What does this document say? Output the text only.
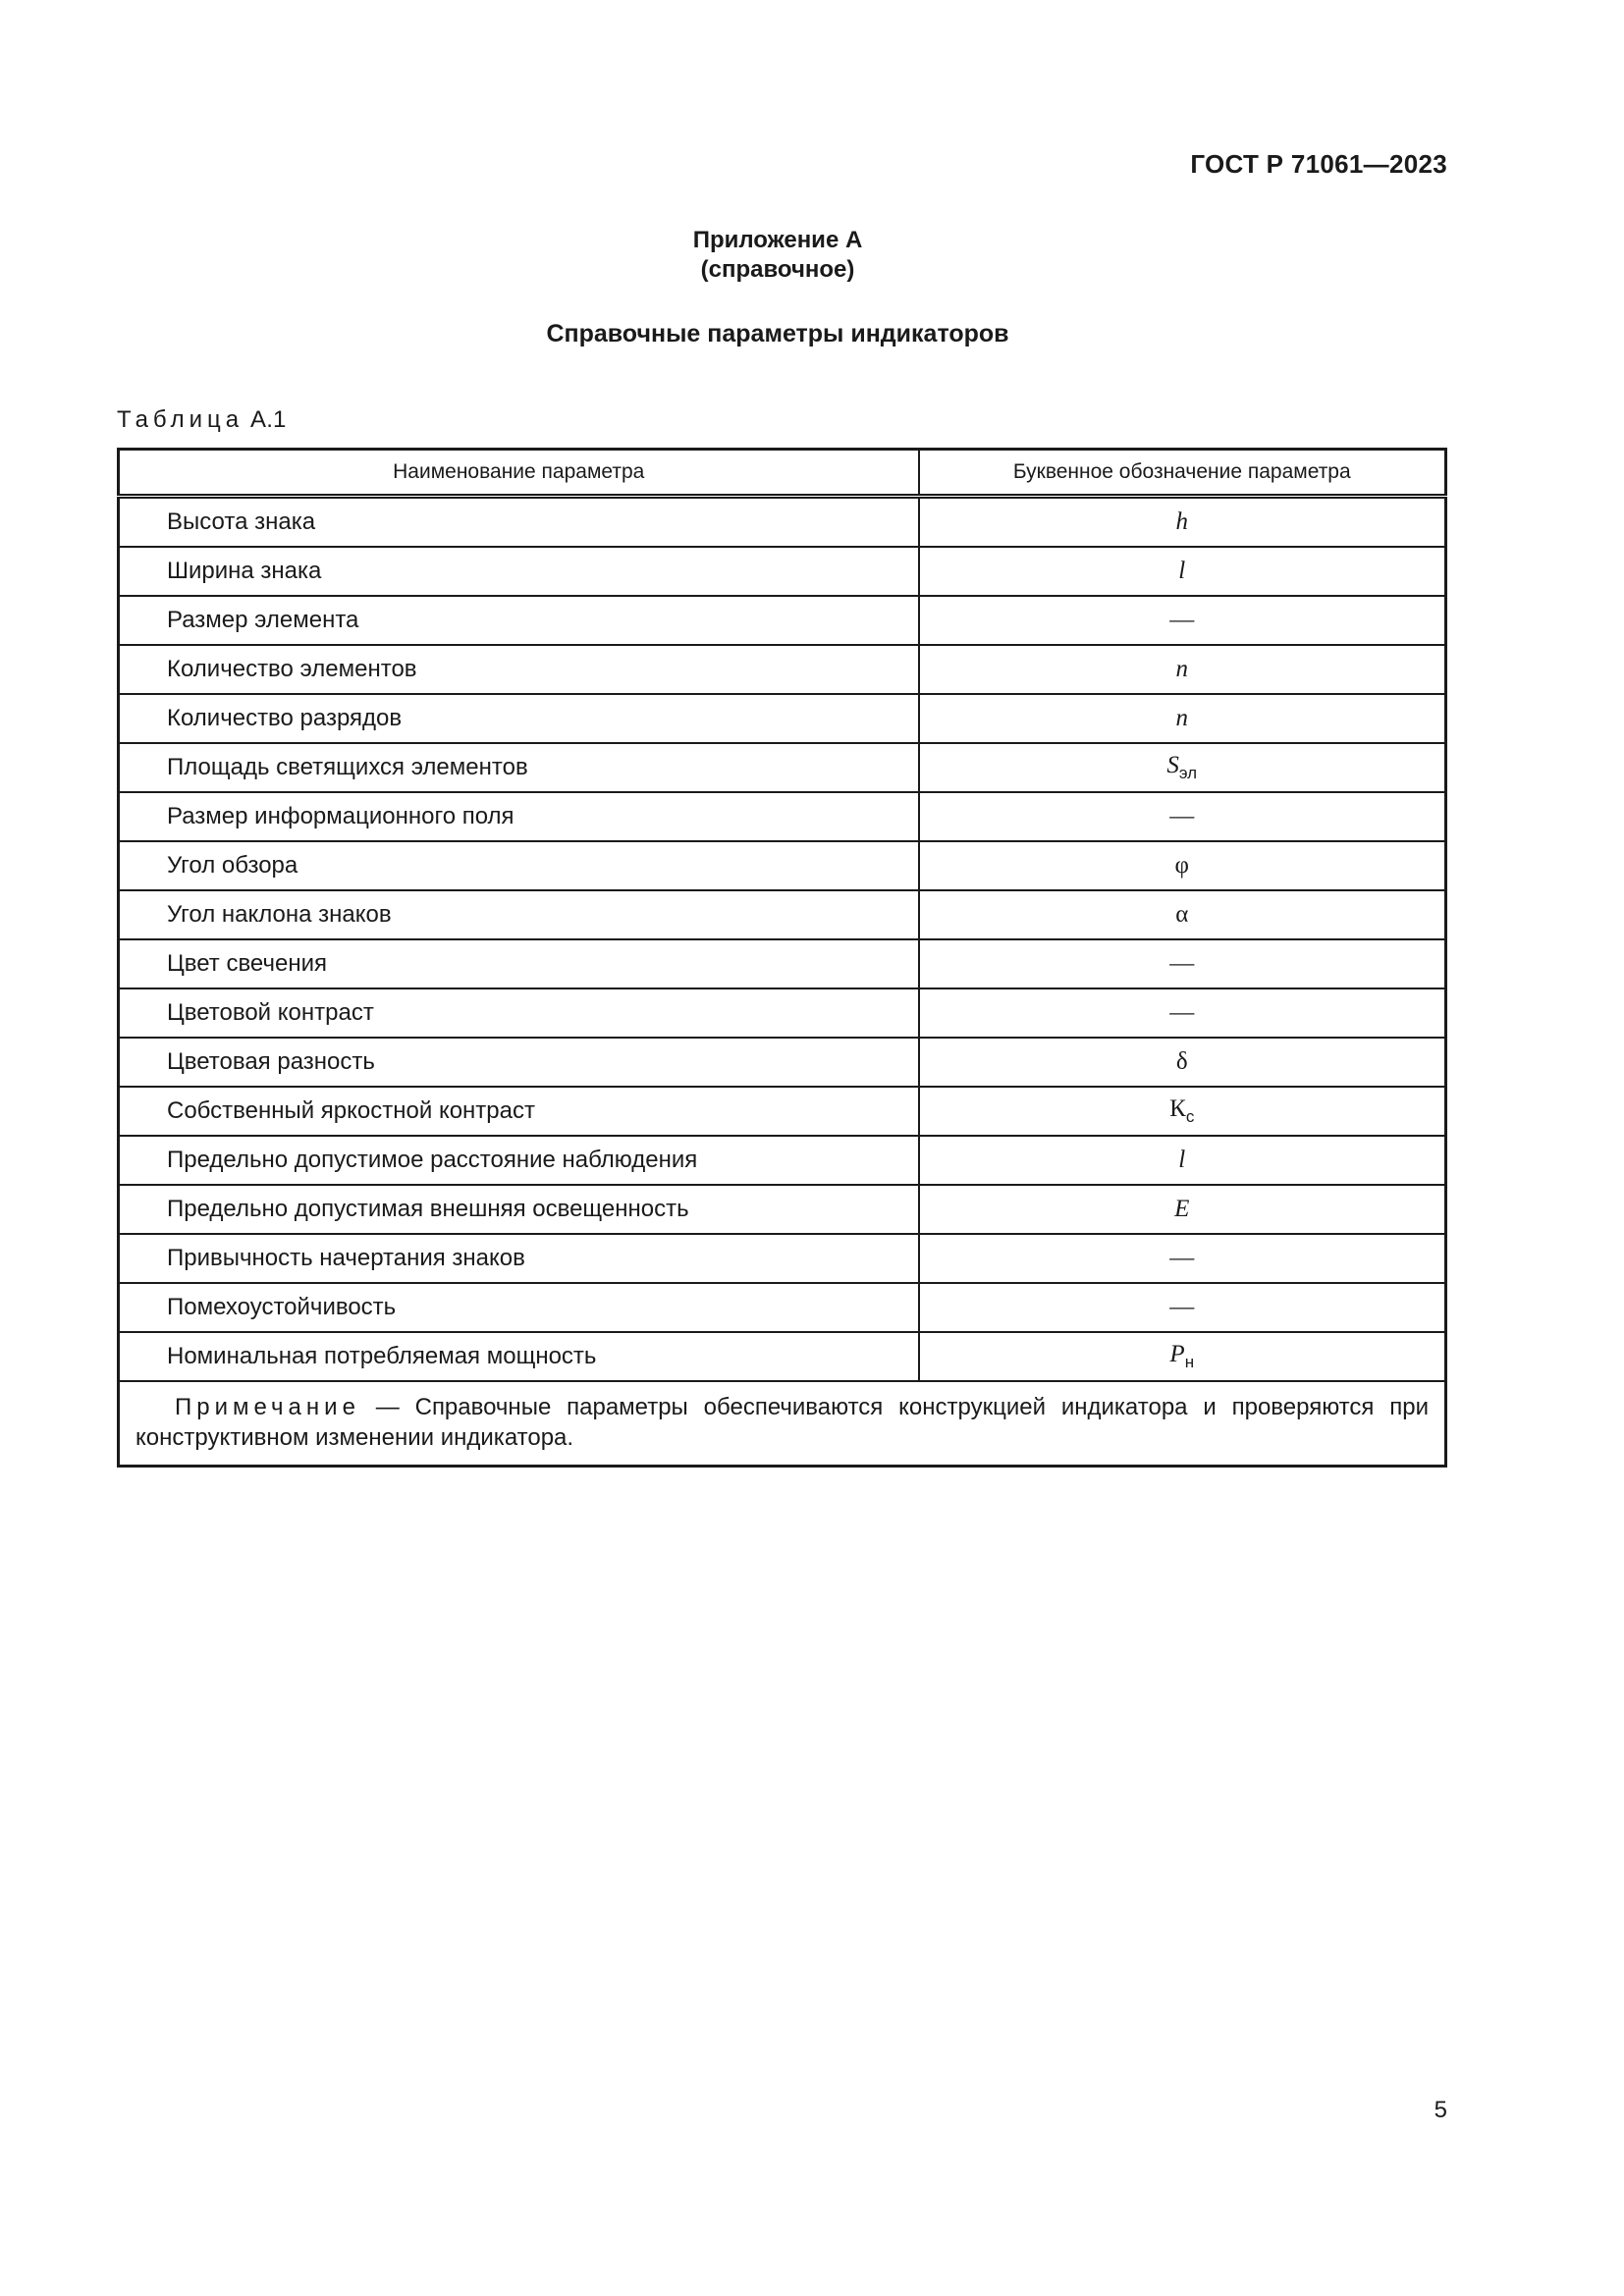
ГОСТ Р 71061—2023
Приложение А
(справочное)
Справочные параметры индикаторов
Таблица А.1
Наименование параметра	Буквенное обозначение параметра
Высота знака	h
Ширина знака	l
Размер элемента	—
Количество элементов	n
Количество разрядов	n
Площадь светящихся элементов	$S_{эл}$
Размер информационного поля	—
Угол обзора	φ
Угол наклона знаков	α
Цвет свечения	—
Цветовой контраст	—
Цветовая разность	δ
Собственный яркостной контраст	$К_с$
Предельно допустимое расстояние наблюдения	l
Предельно допустимая внешняя освещенность	E
Привычность начертания знаков	—
Помехоустойчивость	—
Номинальная потребляемая мощность	$P_н$
Примечание — Справочные параметры обеспечиваются конструкцией индикатора и проверяются при конструктивном изменении индикатора.	
5
